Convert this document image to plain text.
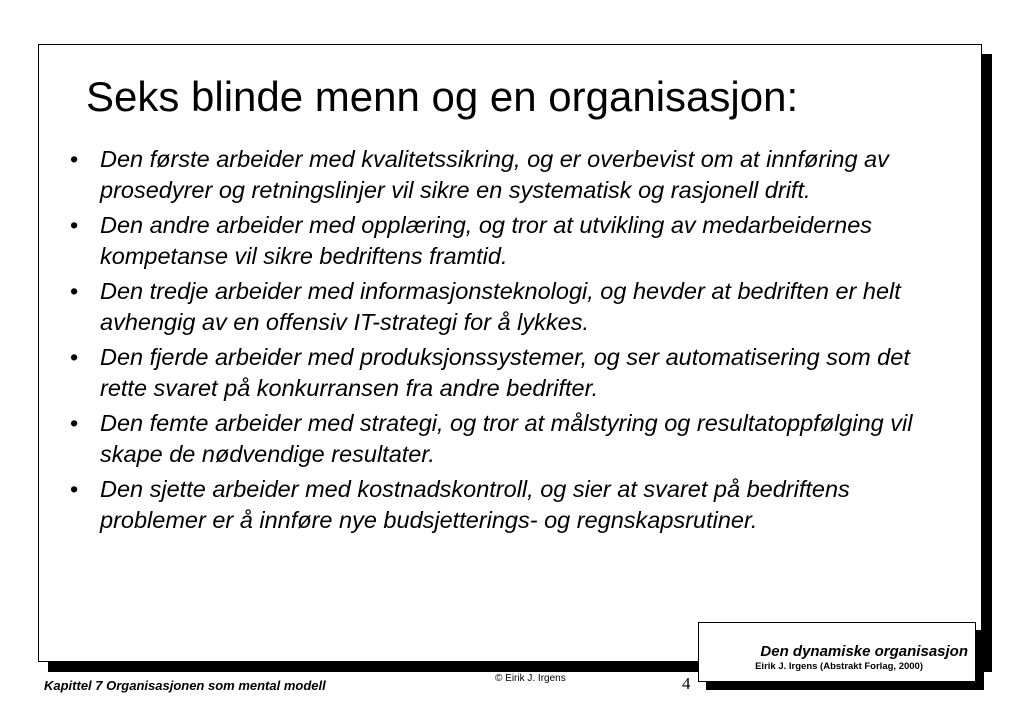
Seks blinde menn og en organisasjon:
• Den første arbeider med kvalitetssikring, og er overbevist om at innføring av prosedyrer og retningslinjer vil sikre en systematisk og rasjonell drift.
• Den andre arbeider med opplæring, og tror at utvikling av medarbeidernes kompetanse vil sikre bedriftens framtid.
• Den tredje arbeider med informasjonsteknologi, og hevder at bedriften er helt avhengig av en offensiv IT-strategi for å lykkes.
• Den fjerde arbeider med produksjonssystemer, og ser automatisering som det rette svaret på konkurransen fra andre bedrifter.
• Den femte arbeider med strategi, og tror at målstyring og resultatoppfølging vil skape de nødvendige resultater.
• Den sjette arbeider med kostnadskontroll, og sier at svaret på bedriftens problemer er å innføre nye budsjetterings- og regnskapsrutiner.
Den dynamiske organisasjon
Eirik J. Irgens (Abstrakt Forlag, 2000)
Kapittel 7 Organisasjonen som mental modell	© Eirik J. Irgens	4
